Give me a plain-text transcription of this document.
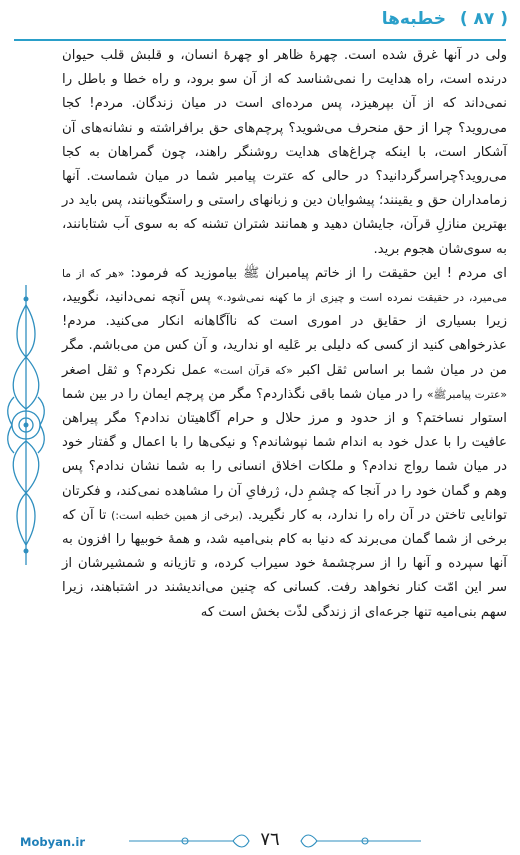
خطبه‌ها ( ٨٧ )

ولی در آنها غرق شده است. چهرهٔ ظاهر او چهرهٔ انسان، و قلبش قلب حیوان درنده است، راه هدایت را نمی‌شناسد که از آن سو برود، و راه خطا و باطل را نمی‌داند که از آن بپرهیزد، پس مرده‌ای است در میان زندگان. مردم! کجا می‌روید؟ چرا از حق منحرف می‌شوید؟ پرچم‌های حق برافراشته و نشانه‌های آن آشکار است، با اینکه چراغ‌های هدایت روشنگر راهند، چون گمراهان به کجا می‌روید؟چراسرگردانید؟ در حالی که عترت پیامبر شما در میان شماست. آنها زمامداران حق و یقینند؛ پیشوایان دین و زبانهای راستی و راستگویانند، پس باید در بهترین منازلِ قرآن، جایشان دهید و همانند شتران تشنه که به سوی آب شتابانند، به سوی‌شان هجوم برید.

ای مردم ! این حقیقت را از خاتم پیامبران ﷺ بیاموزید که فرمود: «هر که از ما می‌میرد، در حقیقت نمرده است و چیزی از ما کهنه نمی‌شود.» پس آنچه نمی‌دانید، نگویید، زیرا بسیاری از حقایق در اموری است که ناآگاهانه انکار می‌کنید. مردم! عذرخواهی کنید از کسی که دلیلی بر عَلیه او ندارید، و آن کس من می‌باشم. مگر من در میان شما بر اساس ثقل اکبر «که قرآن است» عمل نکردم؟ و ثقل اصغر «عترت پیامبرﷺ» را در میان شما باقی نگذاردم؟ مگر من پرچم ایمان را در بین شما استوار نساختم؟ و از حدود و مرز حلال و حرام آگاهیتان ندادم؟ مگر پیراهن عافیت را با عدل خود به اندام شما نپوشاندم؟ و نیکی‌ها را با اعمال و گفتار خود در میان شما رواج ندادم؟ و ملکات اخلاق انسانی را به شما نشان ندادم؟ پس وهم و گمان خود را در آنجا که چشمِ دل، ژرفایِ آن را مشاهده نمی‌کند، و فکرتان توانایی تاختن در آن راه را ندارد، به کار نگیرید. (برخی از همین خطبه است:) تا آن که برخی از شما گمان می‌برند که دنیا به کام بنی‌امیه شد، و همهٔ خوبیها را افزون به آنها سپرده و آنها را از سرچشمهٔ خود سیراب کرده، و تازیانه و شمشیرشان از سر این امّت کنار نخواهد رفت. کسانی که چنین می‌اندیشند در اشتباهند، زیرا سهم بنی‌امیه تنها جرعه‌ای از زندگی لذّت بخش است که

Mobyan.ir	٧٦
